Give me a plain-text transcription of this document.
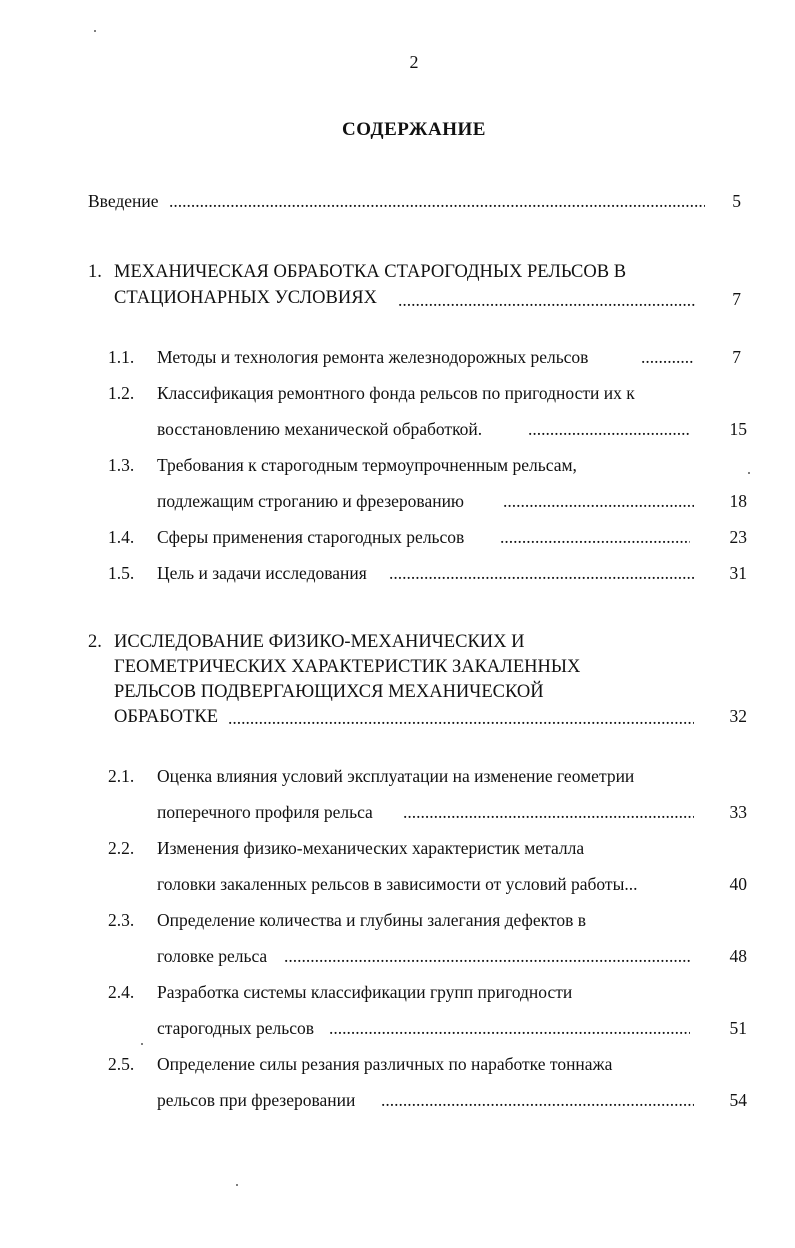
2
СОДЕРЖАНИЕ
Введение .....	5
1. МЕХАНИЧЕСКАЯ ОБРАБОТКА СТАРОГОДНЫХ РЕЛЬСОВ В
СТАЦИОНАРНЫХ УСЛОВИЯХ .....	7
1.1. Методы и технология ремонта железнодорожных рельсов .....	7
1.2. Классификация ремонтного фонда рельсов по пригодности их к
восстановлению механической обработкой. .....	15
1.3. Требования к старогодным термоупрочненным рельсам,
подлежащим строганию и фрезерованию .....	18
1.4. Сферы применения старогодных рельсов .....	23
1.5. Цель и задачи исследования .....	31
2. ИССЛЕДОВАНИЕ ФИЗИКО-МЕХАНИЧЕСКИХ И
ГЕОМЕТРИЧЕСКИХ ХАРАКТЕРИСТИК ЗАКАЛЕННЫХ
РЕЛЬСОВ ПОДВЕРГАЮЩИХСЯ МЕХАНИЧЕСКОЙ
ОБРАБОТКЕ .....	32
2.1. Оценка влияния условий эксплуатации на изменение геометрии
поперечного профиля рельса .....	33
2.2. Изменения физико-механических характеристик металла
головки закаленных рельсов в зависимости от условий работы...	40
2.3. Определение количества и глубины залегания дефектов в
головке рельса .....	48
2.4. Разработка системы классификации групп пригодности
старогодных рельсов .....	51
2.5. Определение силы резания различных по наработке тоннажа
рельсов при фрезеровании .....	54
